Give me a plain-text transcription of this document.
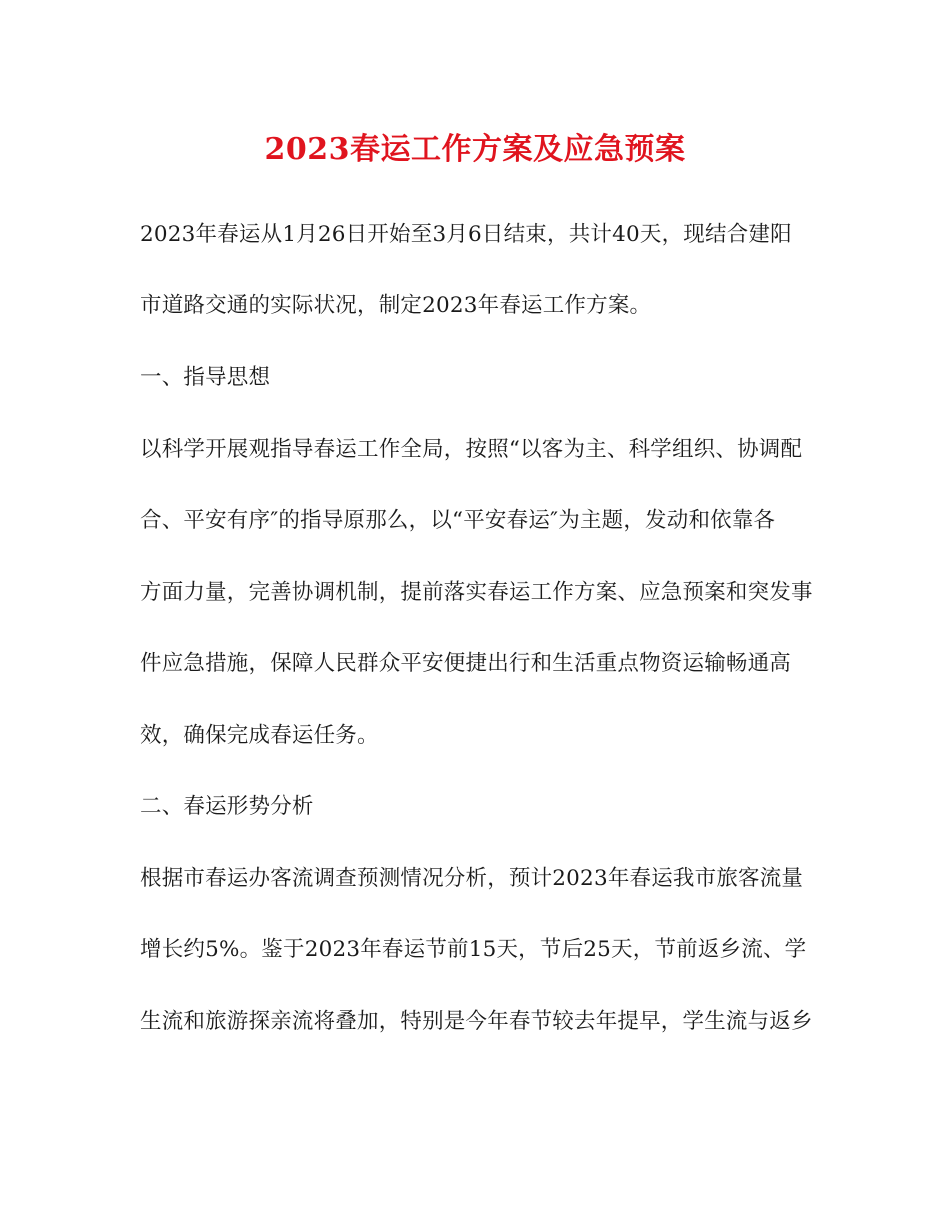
2023春运工作方案及应急预案
2023年春运从1月26日开始至3月6日结束，共计40天，现结合建阳
市道路交通的实际状况，制定2023年春运工作方案。
一、指导思想
以科学开展观指导春运工作全局，按照“以客为主、科学组织、协调配
合、平安有序″的指导原那么，以“平安春运″为主题，发动和依靠各
方面力量，完善协调机制，提前落实春运工作方案、应急预案和突发事
件应急措施，保障人民群众平安便捷出行和生活重点物资运输畅通高
效，确保完成春运任务。
二、春运形势分析
根据市春运办客流调查预测情况分析，预计2023年春运我市旅客流量
增长约5%。鉴于2023年春运节前15天，节后25天，节前返乡流、学
生流和旅游探亲流将叠加，特别是今年春节较去年提早，学生流与返乡
